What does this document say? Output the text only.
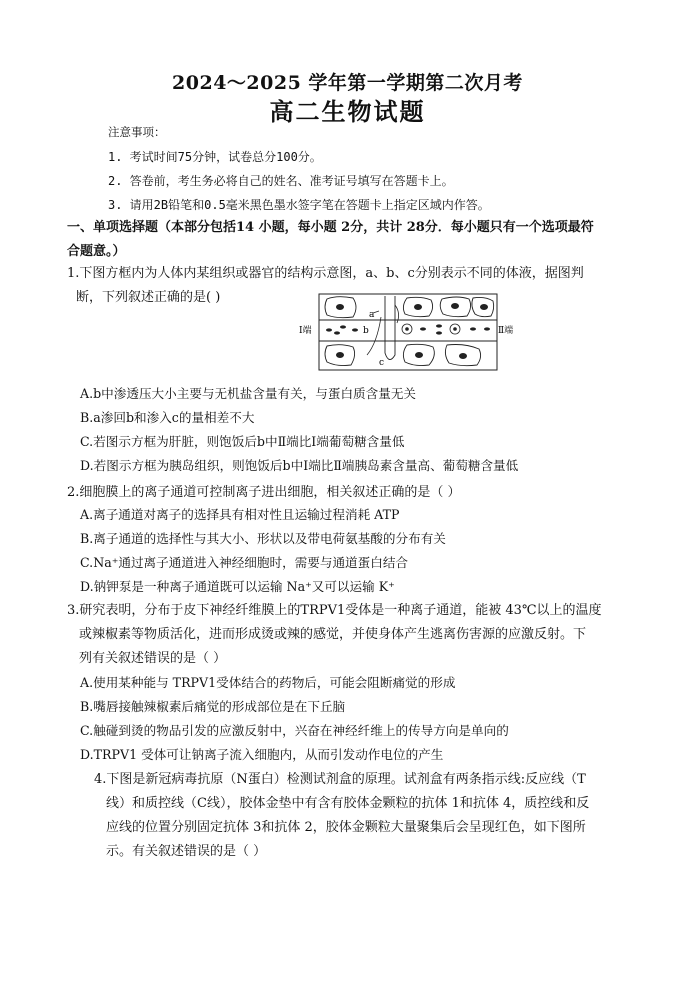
2024～2025 学年第一学期第二次月考
高二生物试题
注意事项：
1. 考试时间75分钟，试卷总分100分。
2. 答卷前，考生务必将自己的姓名、准考证号填写在答题卡上。
3. 请用2B铅笔和0.5毫米黑色墨水签字笔在答题卡上指定区域内作答。
一、单项选择题（本部分包括14 小题，每小题 2分，共计 28分．每小题只有一个选项最符
合题意。）
1.下图方框内为人体内某组织或器官的结构示意图，a、b、c分别表示不同的体液，据图判
断，下列叙述正确的是( )
Ⅰ端	Ⅱ端
a
b
c
A.b中渗透压大小主要与无机盐含量有关，与蛋白质含量无关
B.a渗回b和渗入c的量相差不大
C.若图示方框为肝脏，则饱饭后b中Ⅱ端比Ⅰ端葡萄糖含量低
D.若图示方框为胰岛组织，则饱饭后b中Ⅰ端比Ⅱ端胰岛素含量高、葡萄糖含量低
2.细胞膜上的离子通道可控制离子进出细胞，相关叙述正确的是（ ）
A.离子通道对离子的选择具有相对性且运输过程消耗 ATP
B.离子通道的选择性与其大小、形状以及带电荷氨基酸的分布有关
C.Na⁺通过离子通道进入神经细胞时，需要与通道蛋白结合
D.钠钾泵是一种离子通道既可以运输 Na⁺又可以运输 K⁺
3.研究表明，分布于皮下神经纤维膜上的TRPV1受体是一种离子通道，能被 43℃以上的温度
或辣椒素等物质活化，进而形成烫或辣的感觉，并使身体产生逃离伤害源的应激反射。下
列有关叙述错误的是（ ）
A.使用某种能与 TRPV1受体结合的药物后，可能会阻断痛觉的形成
B.嘴唇接触辣椒素后痛觉的形成部位是在下丘脑
C.触碰到烫的物品引发的应激反射中，兴奋在神经纤维上的传导方向是单向的
D.TRPV1 受体可让钠离子流入细胞内，从而引发动作电位的产生
4.下图是新冠病毒抗原（N蛋白）检测试剂盒的原理。试剂盒有两条指示线:反应线（T
线）和质控线（C线），胶体金垫中有含有胶体金颗粒的抗体 1和抗体 4，质控线和反
应线的位置分别固定抗体 3和抗体 2，胶体金颗粒大量聚集后会呈现红色，如下图所
示。有关叙述错误的是（ ）
